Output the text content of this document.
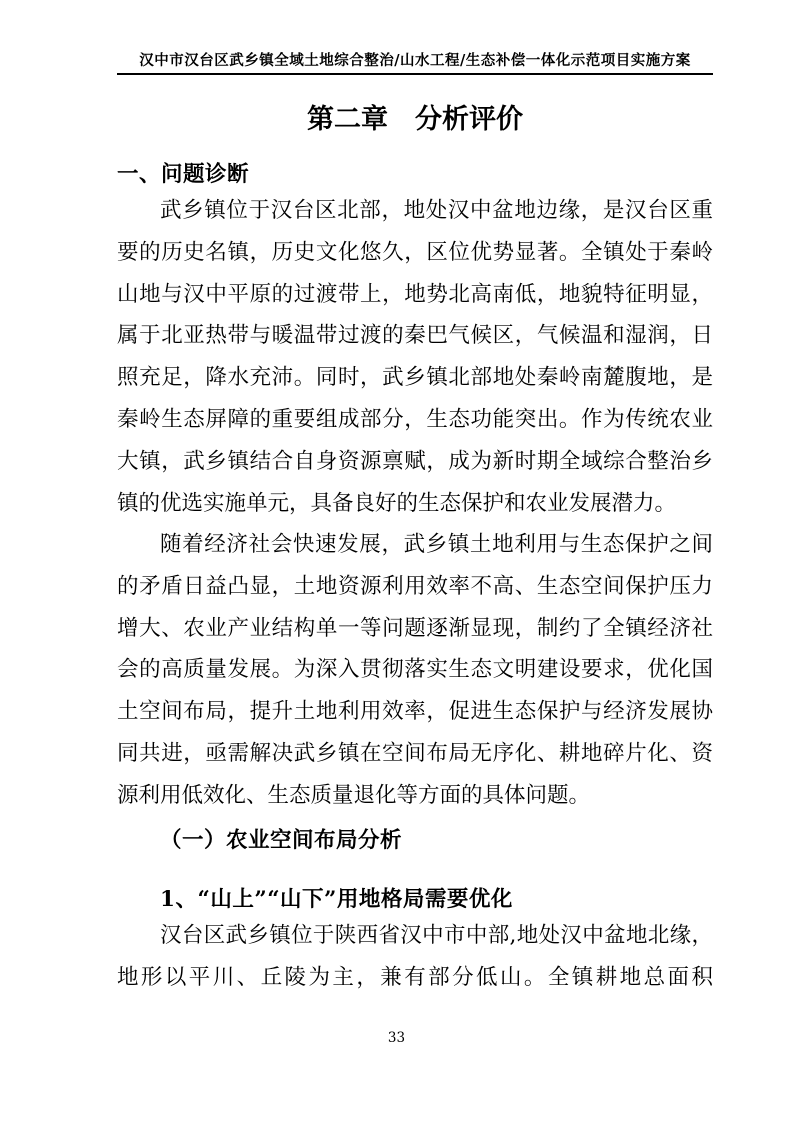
汉中市汉台区武乡镇全域土地综合整治/山水工程/生态补偿一体化示范项目实施方案
第二章　分析评价
一、问题诊断
武乡镇位于汉台区北部，地处汉中盆地边缘，是汉台区重要的历史名镇，历史文化悠久，区位优势显著。全镇处于秦岭山地与汉中平原的过渡带上，地势北高南低，地貌特征明显，属于北亚热带与暖温带过渡的秦巴气候区，气候温和湿润，日照充足，降水充沛。同时，武乡镇北部地处秦岭南麓腹地，是秦岭生态屏障的重要组成部分，生态功能突出。作为传统农业大镇，武乡镇结合自身资源禀赋，成为新时期全域综合整治乡镇的优选实施单元，具备良好的生态保护和农业发展潜力。
随着经济社会快速发展，武乡镇土地利用与生态保护之间的矛盾日益凸显，土地资源利用效率不高、生态空间保护压力增大、农业产业结构单一等问题逐渐显现，制约了全镇经济社会的高质量发展。为深入贯彻落实生态文明建设要求，优化国土空间布局，提升土地利用效率，促进生态保护与经济发展协同共进，亟需解决武乡镇在空间布局无序化、耕地碎片化、资源利用低效化、生态质量退化等方面的具体问题。
（一）农业空间布局分析
1、“山上”“山下”用地格局需要优化
汉台区武乡镇位于陕西省汉中市中部,地处汉中盆地北缘，地形以平川、丘陵为主，兼有部分低山。全镇耕地总面积
33
